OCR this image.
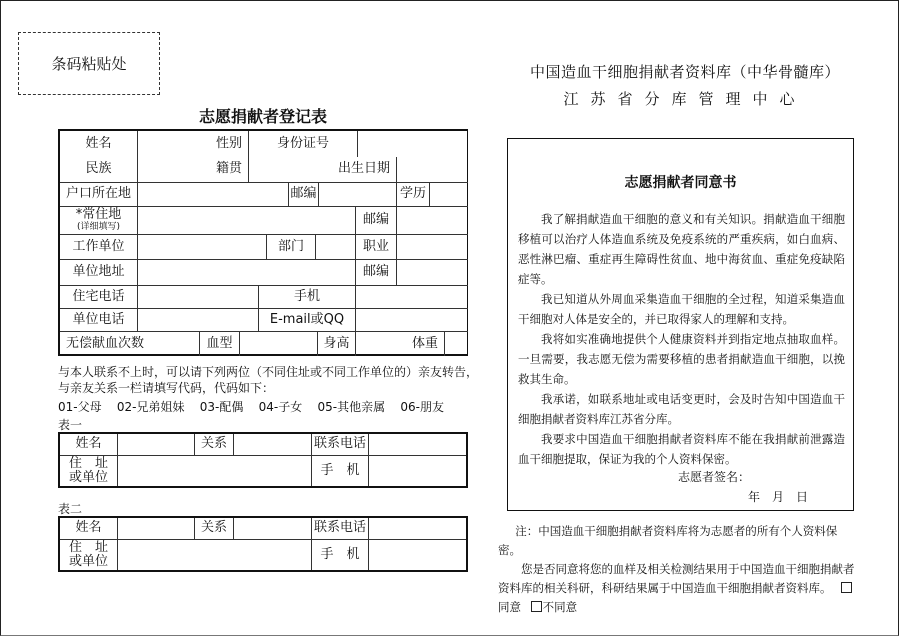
条码粘贴处
志愿捐献者登记表
中国造血干细胞捐献者资料库（中华骨髓库）
江苏省分库管理中心
姓名	性别	身份证号
民族	籍贯	出生日期
户口所在地	邮编	学历
*常住地
(详细填写)	邮编
工作单位	部门	职业
单位地址	邮编
住宅电话	手机
单位电话	E-mail或QQ
无偿献血次数	血型	身高	体重
与本人联系不上时，可以请下列两位（不同住址或不同工作单位的）亲友转告，
与亲友关系一栏请填写代码，代码如下：
01-父母 02-兄弟姐妹 03-配偶 04-子女 05-其他亲属 06-朋友
表一
姓名	关系	联系电话
住　址
或单位	手　机
表二
姓名	关系	联系电话
住　址
或单位	手　机
志愿捐献者同意书

我了解捐献造血干细胞的意义和有关知识。捐献造血干细胞移植可以治疗人体造血系统及免疫系统的严重疾病，如白血病、恶性淋巴瘤、重症再生障碍性贫血、地中海贫血、重症免疫缺陷症等。

我已知道从外周血采集造血干细胞的全过程，知道采集造血干细胞对人体是安全的，并已取得家人的理解和支持。

我将如实准确地提供个人健康资料并到指定地点抽取血样。一旦需要，我志愿无偿为需要移植的患者捐献造血干细胞，以挽救其生命。

我承诺，如联系地址或电话变更时，会及时告知中国造血干细胞捐献者资料库江苏省分库。

我要求中国造血干细胞捐献者资料库不能在我捐献前泄露造血干细胞提取，保证为我的个人资料保密。

志愿者签名：
年　月　日

注：中国造血干细胞捐献者资料库将为志愿者的所有个人资料保密。

您是否同意将您的血样及相关检测结果用于中国造血干细胞捐献者资料库的相关科研，科研结果属于中国造血干细胞捐献者资料库。 同意 不同意
